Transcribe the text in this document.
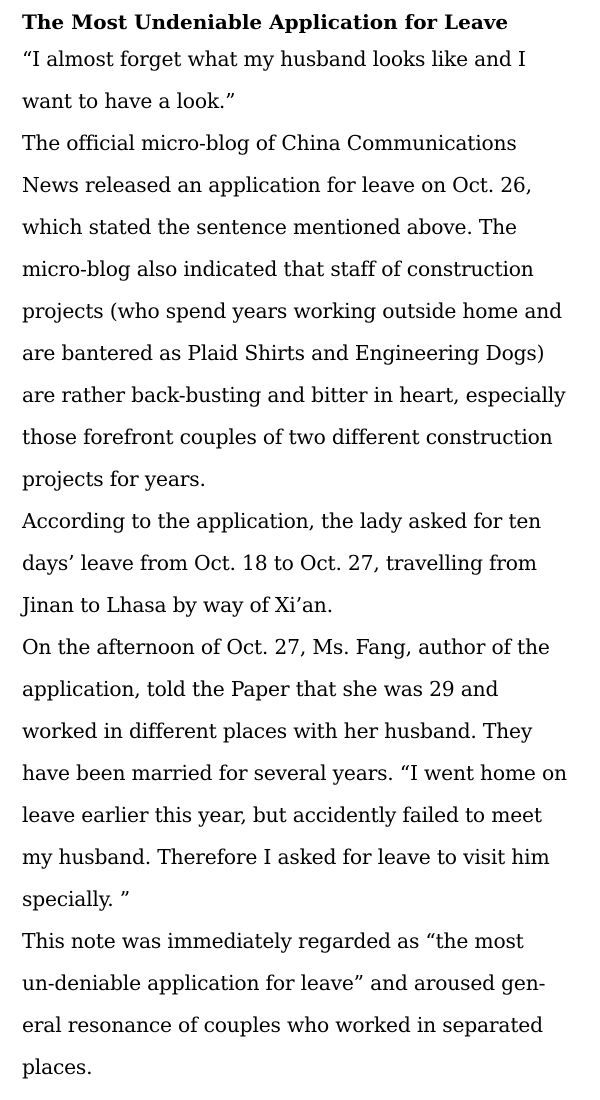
The Most Undeniable Application for Leave

“I almost forget what my husband looks like and I
want to have a look.”

The official micro-blog of China Communications
News released an application for leave on Oct. 26,
which stated the sentence mentioned above. The
micro-blog also indicated that staff of construction
projects (who spend years working outside home and
are bantered as Plaid Shirts and Engineering Dogs)
are rather back-busting and bitter in heart, especially
those forefront couples of two different construction
projects for years.

According to the application, the lady asked for ten
days’ leave from Oct. 18 to Oct. 27, travelling from
Jinan to Lhasa by way of Xi’an.

On the afternoon of Oct. 27, Ms. Fang, author of the
application, told the Paper that she was 29 and
worked in different places with her husband. They
have been married for several years. “I went home on
leave earlier this year, but accidently failed to meet
my husband. Therefore I asked for leave to visit him
specially. ”

This note was immediately regarded as “the most
un-deniable application for leave” and aroused gen-
eral resonance of couples who worked in separated
places.
